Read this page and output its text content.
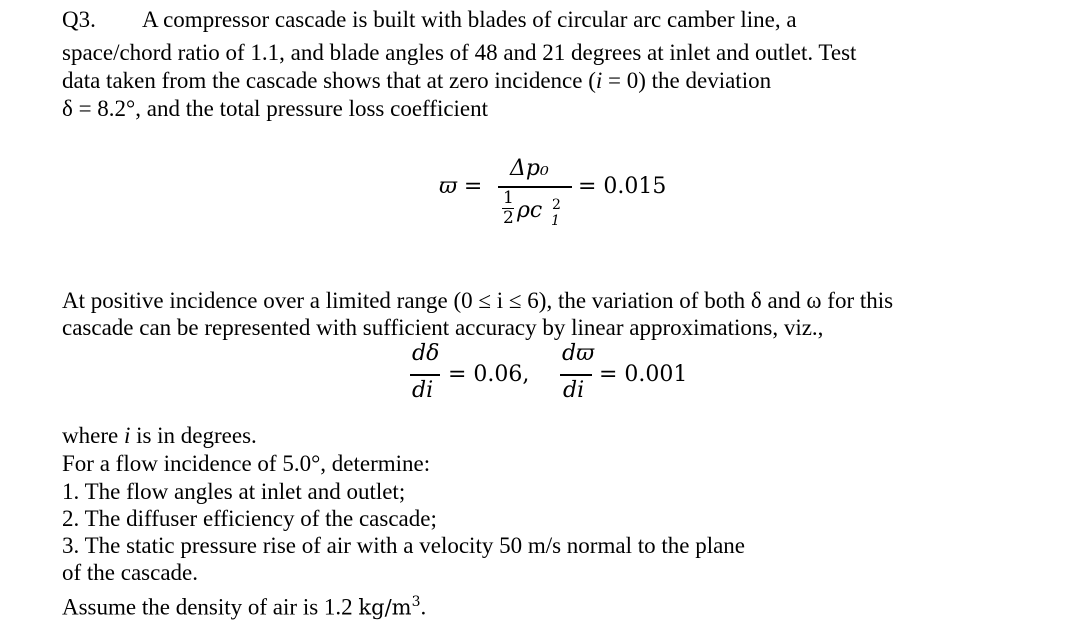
Q3. A compressor cascade is built with blades of circular arc camber line, a
space/chord ratio of 1.1, and blade angles of 48 and 21 degrees at inlet and outlet. Test
data taken from the cascade shows that at zero incidence (i = 0) the deviation
δ = 8.2°, and the total pressure loss coefficient
ϖ =
Δp₀
1
2 ρc 1
2
= 0.015
At positive incidence over a limited range (0 ≤ i ≤ 6), the variation of both δ and ω for this
cascade can be represented with sufficient accuracy by linear approximations, viz.,
dδ
di
= 0.06,
dϖ
di
= 0.001
where i is in degrees.
For a flow incidence of 5.0°, determine:
1. The flow angles at inlet and outlet;
2. The diffuser efficiency of the cascade;
3. The static pressure rise of air with a velocity 50 m/s normal to the plane
of the cascade.
Assume the density of air is 1.2 $kg/m^3$.
